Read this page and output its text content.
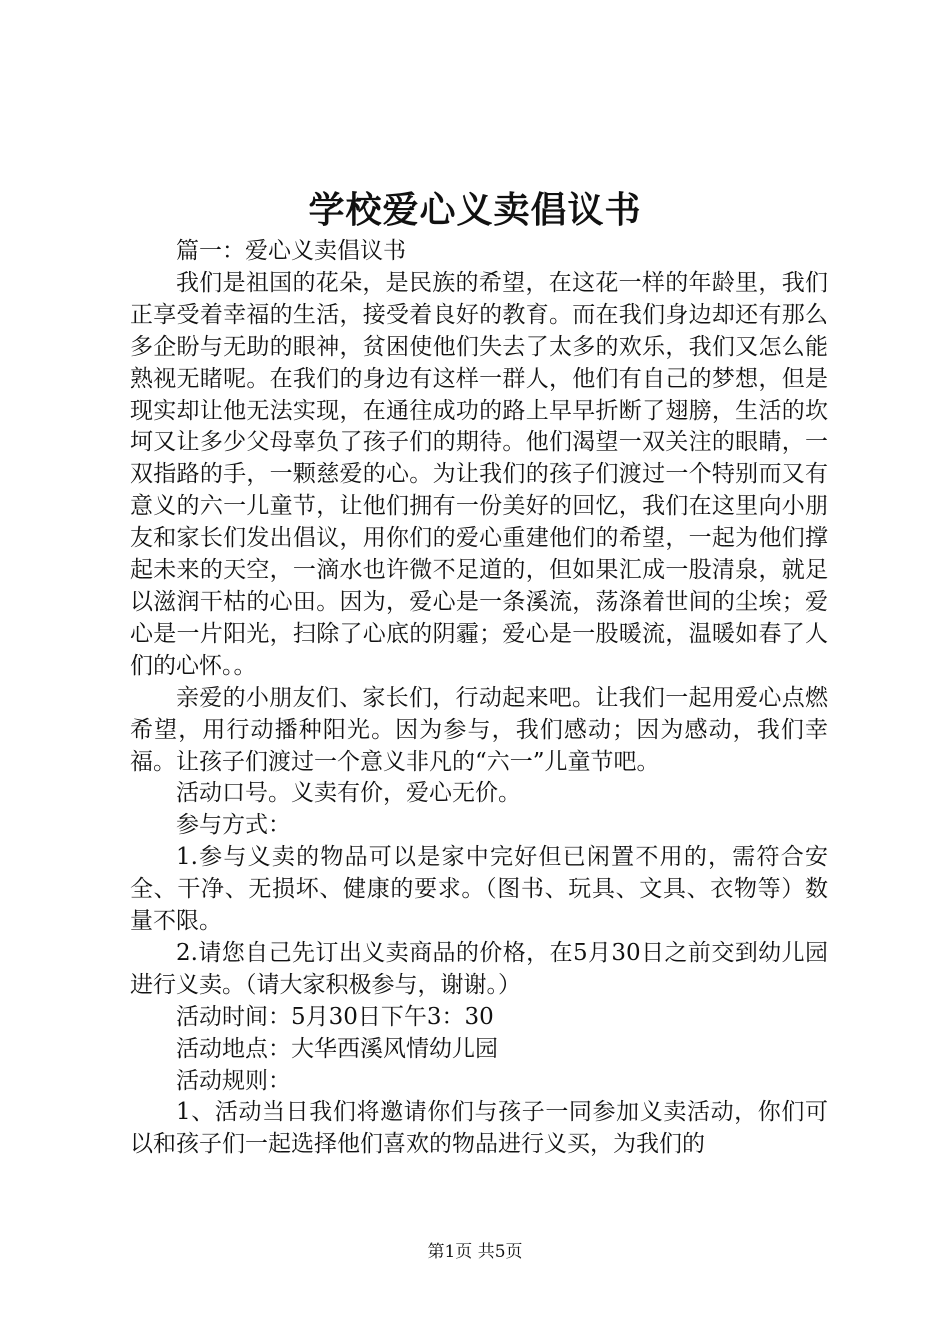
学校爱心义卖倡议书

篇一：爱心义卖倡议书

我们是祖国的花朵，是民族的希望，在这花一样的年龄里，我们正享受着幸福的生活，接受着良好的教育。而在我们身边却还有那么多企盼与无助的眼神，贫困使他们失去了太多的欢乐，我们又怎么能熟视无睹呢。在我们的身边有这样一群人，他们有自己的梦想，但是现实却让他无法实现，在通往成功的路上早早折断了翅膀，生活的坎坷又让多少父母辜负了孩子们的期待。他们渴望一双关注的眼睛，一双指路的手，一颗慈爱的心。为让我们的孩子们渡过一个特别而又有意义的六一儿童节，让他们拥有一份美好的回忆，我们在这里向小朋友和家长们发出倡议，用你们的爱心重建他们的希望，一起为他们撑起未来的天空，一滴水也许微不足道的，但如果汇成一股清泉，就足以滋润干枯的心田。因为，爱心是一条溪流，荡涤着世间的尘埃；爱心是一片阳光，扫除了心底的阴霾；爱心是一股暖流，温暖如春了人们的心怀。。

亲爱的小朋友们、家长们，行动起来吧。让我们一起用爱心点燃希望，用行动播种阳光。因为参与，我们感动；因为感动，我们幸福。让孩子们渡过一个意义非凡的“六一”儿童节吧。

活动口号。义卖有价，爱心无价。

参与方式：

1.参与义卖的物品可以是家中完好但已闲置不用的，需符合安全、干净、无损坏、健康的要求。（图书、玩具、文具、衣物等）数量不限。

2.请您自己先订出义卖商品的价格，在5月30日之前交到幼儿园进行义卖。（请大家积极参与，谢谢。）

活动时间：5月30日下午3：30

活动地点：大华西溪风情幼儿园

活动规则：

1、活动当日我们将邀请你们与孩子一同参加义卖活动，你们可以和孩子们一起选择他们喜欢的物品进行义买，为我们的

第1页 共5页
